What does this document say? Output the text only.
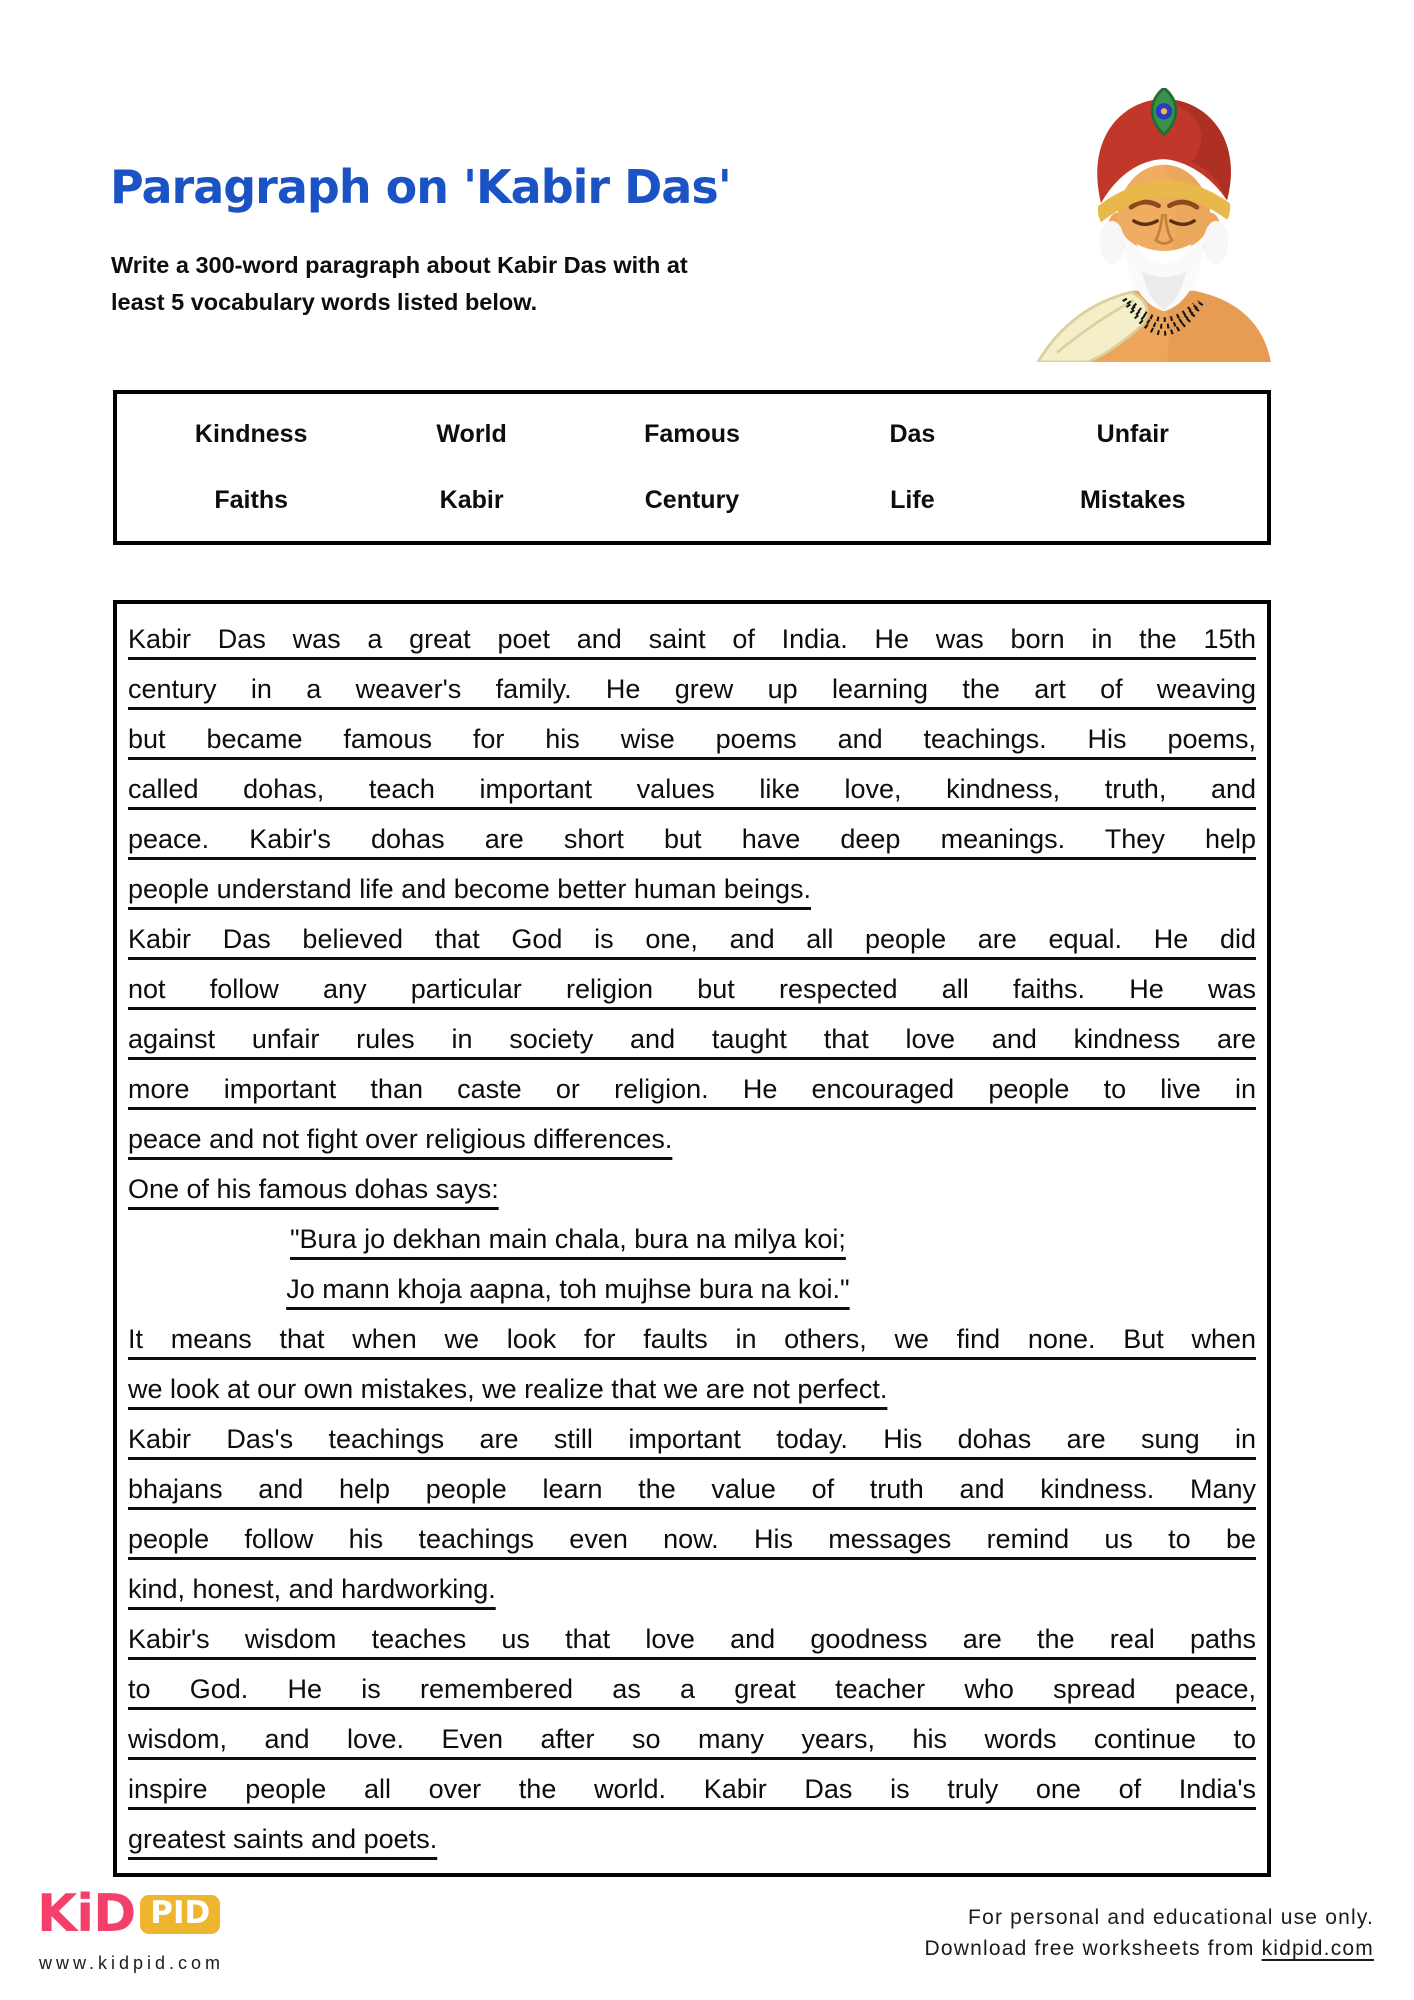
Paragraph on 'Kabir Das'
Write a 300-word paragraph about Kabir Das with at
least 5 vocabulary words listed below.
Kindness	World	Famous	Das	Unfair
Faiths	Kabir	Century	Life	Mistakes
Kabir Das was a great poet and saint of India. He was born in the 15th
century in a weaver's family. He grew up learning the art of weaving
but became famous for his wise poems and teachings. His poems,
called dohas, teach important values like love, kindness, truth, and
peace. Kabir's dohas are short but have deep meanings. They help
people understand life and become better human beings.
Kabir Das believed that God is one, and all people are equal. He did
not follow any particular religion but respected all faiths. He was
against unfair rules in society and taught that love and kindness are
more important than caste or religion. He encouraged people to live in
peace and not fight over religious differences.
One of his famous dohas says:
"Bura jo dekhan main chala, bura na milya koi;
Jo mann khoja aapna, toh mujhse bura na koi."
It means that when we look for faults in others, we find none. But when
we look at our own mistakes, we realize that we are not perfect.
Kabir Das's teachings are still important today. His dohas are sung in
bhajans and help people learn the value of truth and kindness. Many
people follow his teachings even now. His messages remind us to be
kind, honest, and hardworking.
Kabir's wisdom teaches us that love and goodness are the real paths
to God. He is remembered as a great teacher who spread peace,
wisdom, and love. Even after so many years, his words continue to
inspire people all over the world. Kabir Das is truly one of India's
greatest saints and poets.
KiD PID
www.kidpid.com
For personal and educational use only.
Download free worksheets from kidpid.com
